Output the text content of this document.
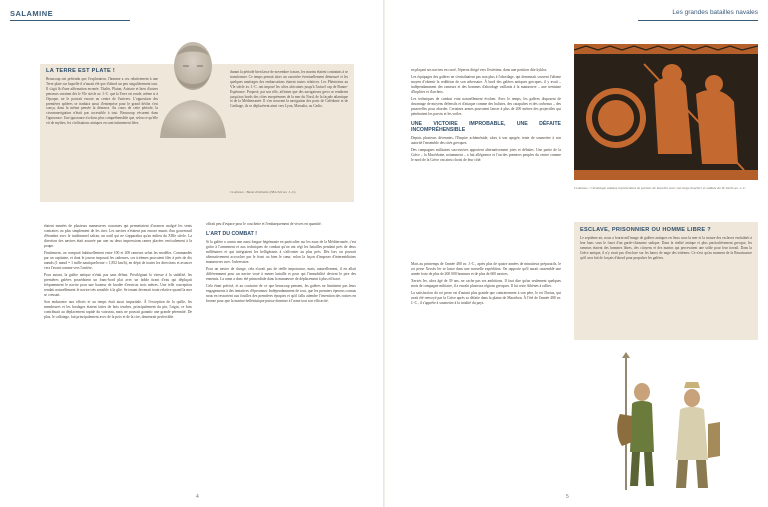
SALAMINE
LA TERRE EST PLATE !

Beaucoup ont prétendu que l'explorateur, l'homme a cru relativement à une Terre plate sur laquelle il n'aurait été que d'abord un peu singulièrement tout. Il s'agit là d'une affirmation erronée. Thalès, Platon, Aristote et bien d'autres penseurs savaient dès le VIe siècle av. J.-C. que la Terre est ronde, même si à l'époque, ne le pouvait encore au centre de l'univers. L'opposition des premières sphères se traduira aussi d'entreprise pour le grand déclin s'est conçu, dans la même pensée la dénonce. Au cours de cette période, la circumnavigation n'était pas accessible à tout. Beaucoup vécurent dans l'ignorance. Une ignorance n'a donc plus compréhensible que, selon ce qu'elle vit de mythes, les civilisations antiques en sont intimement liées.

durant la période bien lasse de novembre à mars, les marins étaient contraints à se transformer. Ce temps prenait alors un caractère éventuellement démesuré et les quelques naufrages des embarcations étaient toutes relatives. Les Phéniciens au VIe siècle av. J.-C. ont imposé les côtes africaines jusqu'à l'actuel cap de Bonne-Espérance. Proposé, par son rôle, affirmer que des navigateurs grecs se rendirent jusqu'aux bords des côtes européennes de la mer du Nord, de la façade atlantique et de la Méditerranée. Il s'en trouvent la navigation des ports de Calédonie et de Carthage, ils se déplacèrent ainsi vers Lyon, Massalia, ou Cadix.

Ci-dessus : Buste d'Aristote (384-322 av. J.-C).

étaient menées de plusieurs manœuvres courantes qui permettaient d'avancer malgré les vents contraires ou plus simplement de les tirer. Les navires n'étaient pas encore munis d'un gouvernail d'étambot avec le traditionnel safran, un outil qui ne s'apparaîtra qu'au milieu du XIIIe siècle. La direction des navires était assurée par une ou deux impressions rames placées verticalement à la poupe.

Finalement, on comptait habituellement entre 100 et 200 rameurs selon les modèles. Commandés par un capitaine, et dont le joueur imposait les cadences, ces trirèmes pouvaient filer à près de dix nœuds (1 nœud = 1 mille nautique/heure ≈ 1,852 km/h), en dépit de toutes les directions et avancer vers l'avant comme vers l'arrière.

Pour autant, la galère antique n'était pas sans défaut. Privilégiant la vitesse à la stabilité, les premières galères possédaient un franc-bord plat avec un faible tirant d'eau qui déplaçait fréquemment le navire pour une hauteur de bordée d'environ trois mètres. Une telle conception rendait naturellement le navire très sensible à la gîte. Se tenant devenait toute relative quand la mer se creusait.

Son endurance aux efforts et au temps était aussi impartiale. À l'exception de la quille, les membrures et les bordages étaient faites de bois tendres, principalement du pin, l'aigin, ce bois contribuait au déplacement rapide du vaisseau, mais ne pouvait garantir une grande pérennité. De plus, le calfatage, fait principalement avec de la poix et de la cire, demeurait perfectible.

offrait peu d'espace pour le couchette et l'embarquement de vivres en quantité.

L'ART DU COMBAT !

Si la galère a connu une aussi longue hégémonie en particulier sur les eaux de la Méditerranée, c'est grâce à l'armement et aux techniques de combat qu'on ont régi les batailles pendant près de deux millénaires et qui intégraient les belligérants à s'affronter au plus près. Dès lors on pouvait alternativement accrocher par le front ou bien le cœur, selon la façon d'imposer d'intermédiaires manœuvres avec l'adversaire.

Pour un navire de charge, cela n'avait pas de réelle importance, mais, naturellement, il en allait différemment pour un navire voué à mener bataille et pour qui l'immobilité devient le pire des ennemis. La rame a donc été primordiale dans la manœuvre de déplacement à plus efficace.

Cela étant précisé, et au contraire de ce que beaucoup pensent, les galères ne limitaient pas leurs engagements à des tentatives d'éperonner. Indépendamment de tout, que les premiers éperons connus nous en ressortent aux fouilles des premières époques et qu'il fallu attendre l'invention des rostres en bronze pour que la marine hellénistique puisse dominer à l'arme tout son efficacité.

4
Les grandes batailles navales

en plaçant ses navires en carré, l'éperon dirigé vers l'extérieur, dans une position dite kyklos.

Les équipages des galères ne s'entraînaient pas non plus à l'abordage, qui demeurait souvent l'ultime moyen d'obtenir la reddition de son adversaire. À bord des galères antiques grecques, il y avait – indépendamment des rameurs et des hommes d'abordage vaillants à la manœuvre – une trentaine d'hoplites et d'archers.

Les techniques de combat vont naturellement évoluer. Avec le temps, les galères disposent de davantage de moyens défensifs et d'attaque comme des balistes, des catapultes et des corbeaux – des passerelles pour aborder. Certaines armes pouvaient lancer à plus de 200 mètres des projectiles qui pénétraient les pavois et les voiles.

UNE VICTOIRE IMPROBABLE, UNE DÉFAITE INCOMPRÉHENSIBLE

Depuis plusieurs décennies, l'Empire achéménide, alors à son apogée, tente de soumettre à son autorité l'ensemble des cités grecques.

Des campagnes militaires successives apportent alternativement joies et défaites. Une partie de la Grèce – la Macédoine, notamment – a fait allégeance et l'un des premiers peuples du centre comme le nord de la Grèce ont ainsi choisi de leur côté.

Mais au printemps de l'année 480 av. J.-C., après plus de quatre années de minutieux préparatifs, le roi perse Xerxès Ier se lance dans une nouvelle expédition. On rapporte qu'il aurait rassemblé une armée forte de plus de 200 000 hommes et de plus de 600 navires.

Xerxès Ier, alors âgé de 39 ans, ne cache pas ses ambitions. Il faut dire qu'un seulement quelques mois de campagne militaire, il a envahi plusieurs régions grecques. Il lui reste Athènes à rallier.

La satisfaction du roi perse est d'autant plus grande que contrairement à son père, le roi Darius, qui avait été renvoyé par la Grèce après sa défaite dans la plaine de Marathon. À l'été de l'année 480 av. J.-C., il s'apprête à soumettre à la totalité du pays.

Ci-dessus : Céramique antique représentant un porteur de bouclier avec son large bouclier et soldats du Ve siècle av. J.-C.
ESCLAVE, PRISONNIER OU HOMME LIBRE ?

Le septième art, nous a fourni mil'image de galères antiques en lieux sous la mer et la torture des esclaves enchaînés à leur banc sous le fouet d'un garde-chiourme sadique. Dans la réalité antique et plus particulièrement grecque, les rameurs étaient des hommes libres, des citoyens et des marins qui percevaient une solde pour leur travail. Dans la Grèce antique, il n'y avait pas d'esclave sur les bancs de nage des trirèmes. Ce n'est qu'au moment de la Renaissance qu'il sera fait de forçats d'abord pour propulser les galères.

5
